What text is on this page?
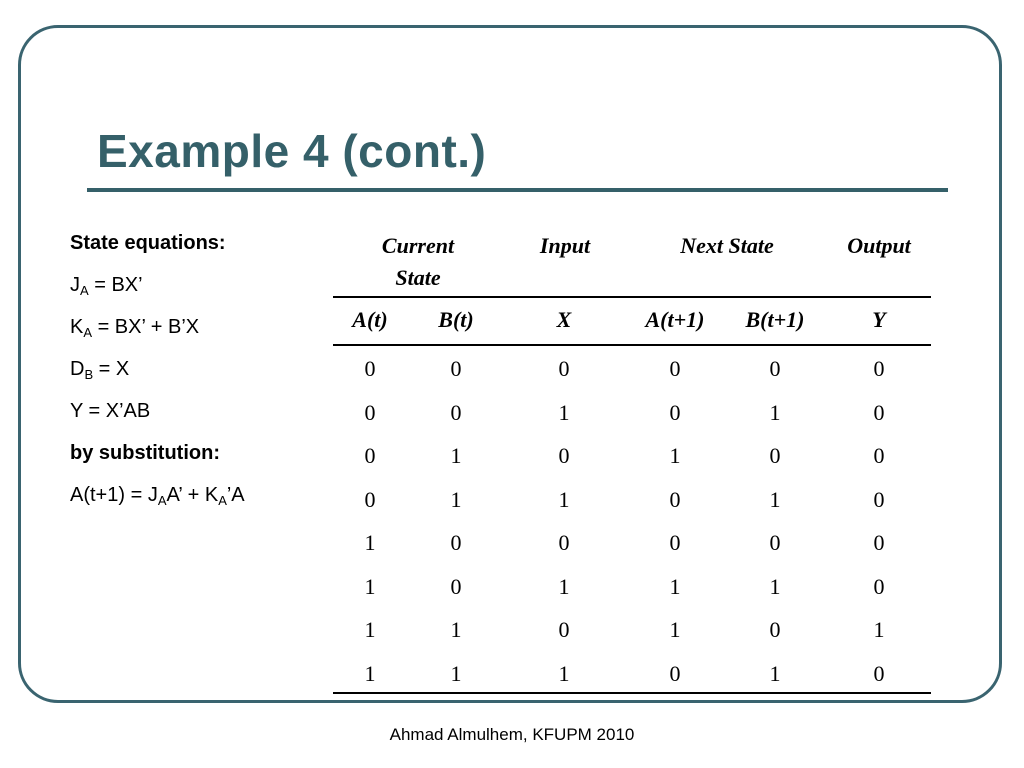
Example 4 (cont.)
State equations:
$J_A$ = BX’
$K_A$ = BX’ + B’X
$D_B = X$
Y = X’AB
by substitution:
$A(t+1) = J_AA$’ + $K_A’A$
Current
State
Input	Next State	Output
A(t)	B(t)	X	A(t+1)	B(t+1)	Y
0	0	0	0	0	0
0	0	1	0	1	0
0	1	0	1	0	0
0	1	1	0	1	0
1	0	0	0	0	0
1	0	1	1	1	0
1	1	0	1	0	1
1	1	1	0	1	0
Ahmad Almulhem, KFUPM 2010
